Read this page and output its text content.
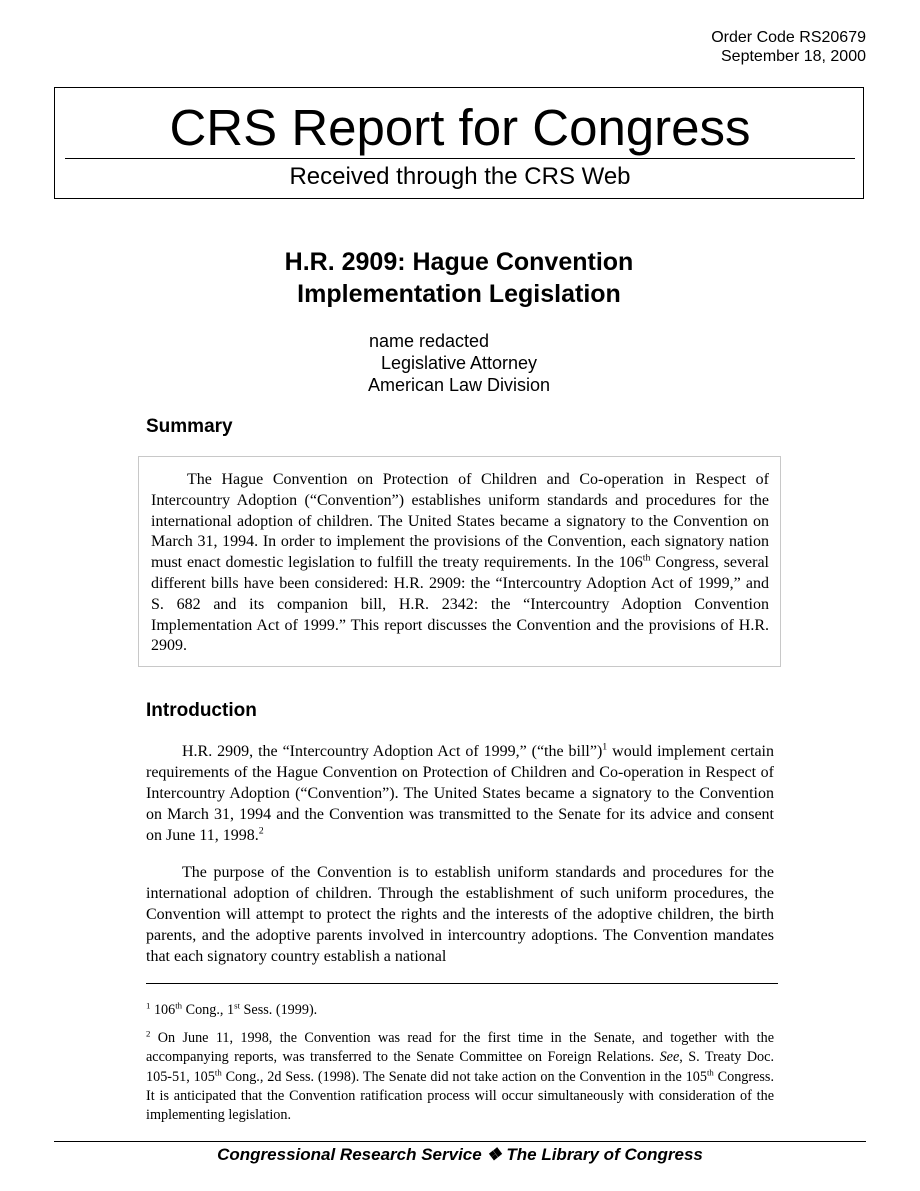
Order Code RS20679
September 18, 2000
CRS Report for Congress
Received through the CRS Web
H.R. 2909: Hague Convention
Implementation Legislation
name redacted
Legislative Attorney
American Law Division
Summary
The Hague Convention on Protection of Children and Co-operation in Respect of Intercountry Adoption (“Convention”) establishes uniform standards and procedures for the international adoption of children. The United States became a signatory to the Convention on March 31, 1994. In order to implement the provisions of the Convention, each signatory nation must enact domestic legislation to fulfill the treaty requirements. In the 106th Congress, several different bills have been considered: H.R. 2909: the “Intercountry Adoption Act of 1999,” and S. 682 and its companion bill, H.R. 2342: the “Intercountry Adoption Convention Implementation Act of 1999.” This report discusses the Convention and the provisions of H.R. 2909.
Introduction
H.R. 2909, the “Intercountry Adoption Act of 1999,” (“the bill”)$^1$ would implement certain requirements of the Hague Convention on Protection of Children and Co-operation in Respect of Intercountry Adoption (“Convention”). The United States became a signatory to the Convention on March 31, 1994 and the Convention was transmitted to the Senate for its advice and consent on June 11, 1998.$^2$
The purpose of the Convention is to establish uniform standards and procedures for the international adoption of children. Through the establishment of such uniform procedures, the Convention will attempt to protect the rights and the interests of the adoptive children, the birth parents, and the adoptive parents involved in intercountry adoptions. The Convention mandates that each signatory country establish a national
$^1$ 106th Cong., 1st Sess. (1999).
$^2$ On June 11, 1998, the Convention was read for the first time in the Senate, and together with the accompanying reports, was transferred to the Senate Committee on Foreign Relations. See, S. Treaty Doc. 105-51, 105th Cong., 2d Sess. (1998). The Senate did not take action on the Convention in the 105th Congress. It is anticipated that the Convention ratification process will occur simultaneously with consideration of the implementing legislation.
Congressional Research Service ❖ The Library of Congress
